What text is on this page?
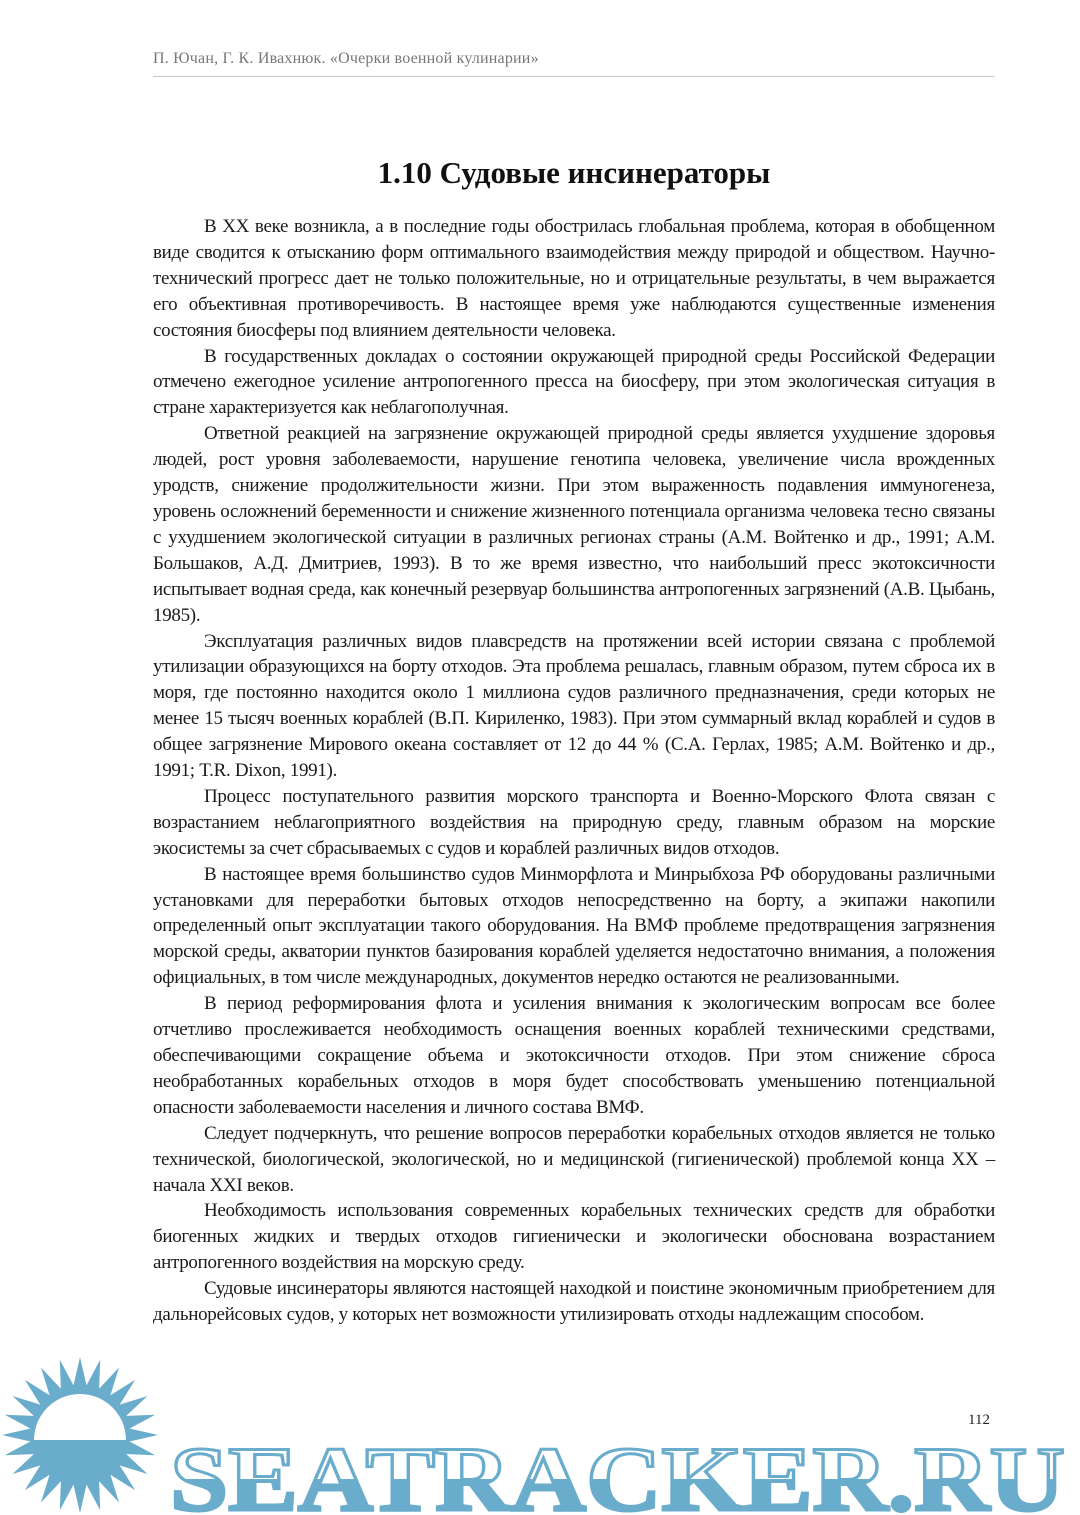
П. Ючан, Г. К. Ивахнюк. «Очерки военной кулинарии»
1.10 Судовые инсинераторы

В XX веке возникла, а в последние годы обострилась глобальная проблема, которая в обобщенном виде сводится к отысканию форм оптимального взаимодействия между природой и обществом. Научно-технический прогресс дает не только положительные, но и отрицательные результаты, в чем выражается его объективная противоречивость. В настоящее время уже наблюдаются существенные изменения состояния биосферы под влиянием деятельности человека.

В государственных докладах о состоянии окружающей природной среды Российской Федерации отмечено ежегодное усиление антропогенного пресса на биосферу, при этом экологическая ситуация в стране характеризуется как неблагополучная.

Ответной реакцией на загрязнение окружающей природной среды является ухудшение здоровья людей, рост уровня заболеваемости, нарушение генотипа человека, увеличение числа врожденных уродств, снижение продолжительности жизни. При этом выраженность подавления иммуногенеза, уровень осложнений беременности и снижение жизненного потенциала организма человека тесно связаны с ухудшением экологической ситуации в различных регионах страны (А.М. Войтенко и др., 1991; А.М. Большаков, А.Д. Дмитриев, 1993). В то же время известно, что наибольший пресс экотоксичности испытывает водная среда, как конечный резервуар большинства антропогенных загрязнений (А.В. Цыбань, 1985).

Эксплуатация различных видов плавсредств на протяжении всей истории связана с проблемой утилизации образующихся на борту отходов. Эта проблема решалась, главным образом, путем сброса их в моря, где постоянно находится около 1 миллиона судов различного предназначения, среди которых не менее 15 тысяч военных кораблей (В.П. Кириленко, 1983). При этом суммарный вклад кораблей и судов в общее загрязнение Мирового океана составляет от 12 до 44 % (С.А. Герлах, 1985; А.М. Войтенко и др., 1991; T.R. Dixon, 1991).

Процесс поступательного развития морского транспорта и Военно-Морского Флота связан с возрастанием неблагоприятного воздействия на природную среду, главным образом на морские экосистемы за счет сбрасываемых с судов и кораблей различных видов отходов.

В настоящее время большинство судов Минморфлота и Минрыбхоза РФ оборудованы различными установками для переработки бытовых отходов непосредственно на борту, а экипажи накопили определенный опыт эксплуатации такого оборудования. На ВМФ проблеме предотвращения загрязнения морской среды, акватории пунктов базирования кораблей уделяется недостаточно внимания, а положения официальных, в том числе международных, документов нередко остаются не реализованными.

В период реформирования флота и усиления внимания к экологическим вопросам все более отчетливо прослеживается необходимость оснащения военных кораблей техническими средствами, обеспечивающими сокращение объема и экотоксичности отходов. При этом снижение сброса необработанных корабельных отходов в моря будет способствовать уменьшению потенциальной опасности заболеваемости населения и личного состава ВМФ.

Следует подчеркнуть, что решение вопросов переработки корабельных отходов является не только технической, биологической, экологической, но и медицинской (гигиенической) проблемой конца XX – начала XXI веков.

Необходимость использования современных корабельных технических средств для обработки биогенных жидких и твердых отходов гигиенически и экологически обоснована возрастанием антропогенного воздействия на морскую среду.

Судовые инсинераторы являются настоящей находкой и поистине экономичным приобретением для дальнорейсовых судов, у которых нет возможности утилизировать отходы надлежащим способом.

SEATRACKER.RU
112
